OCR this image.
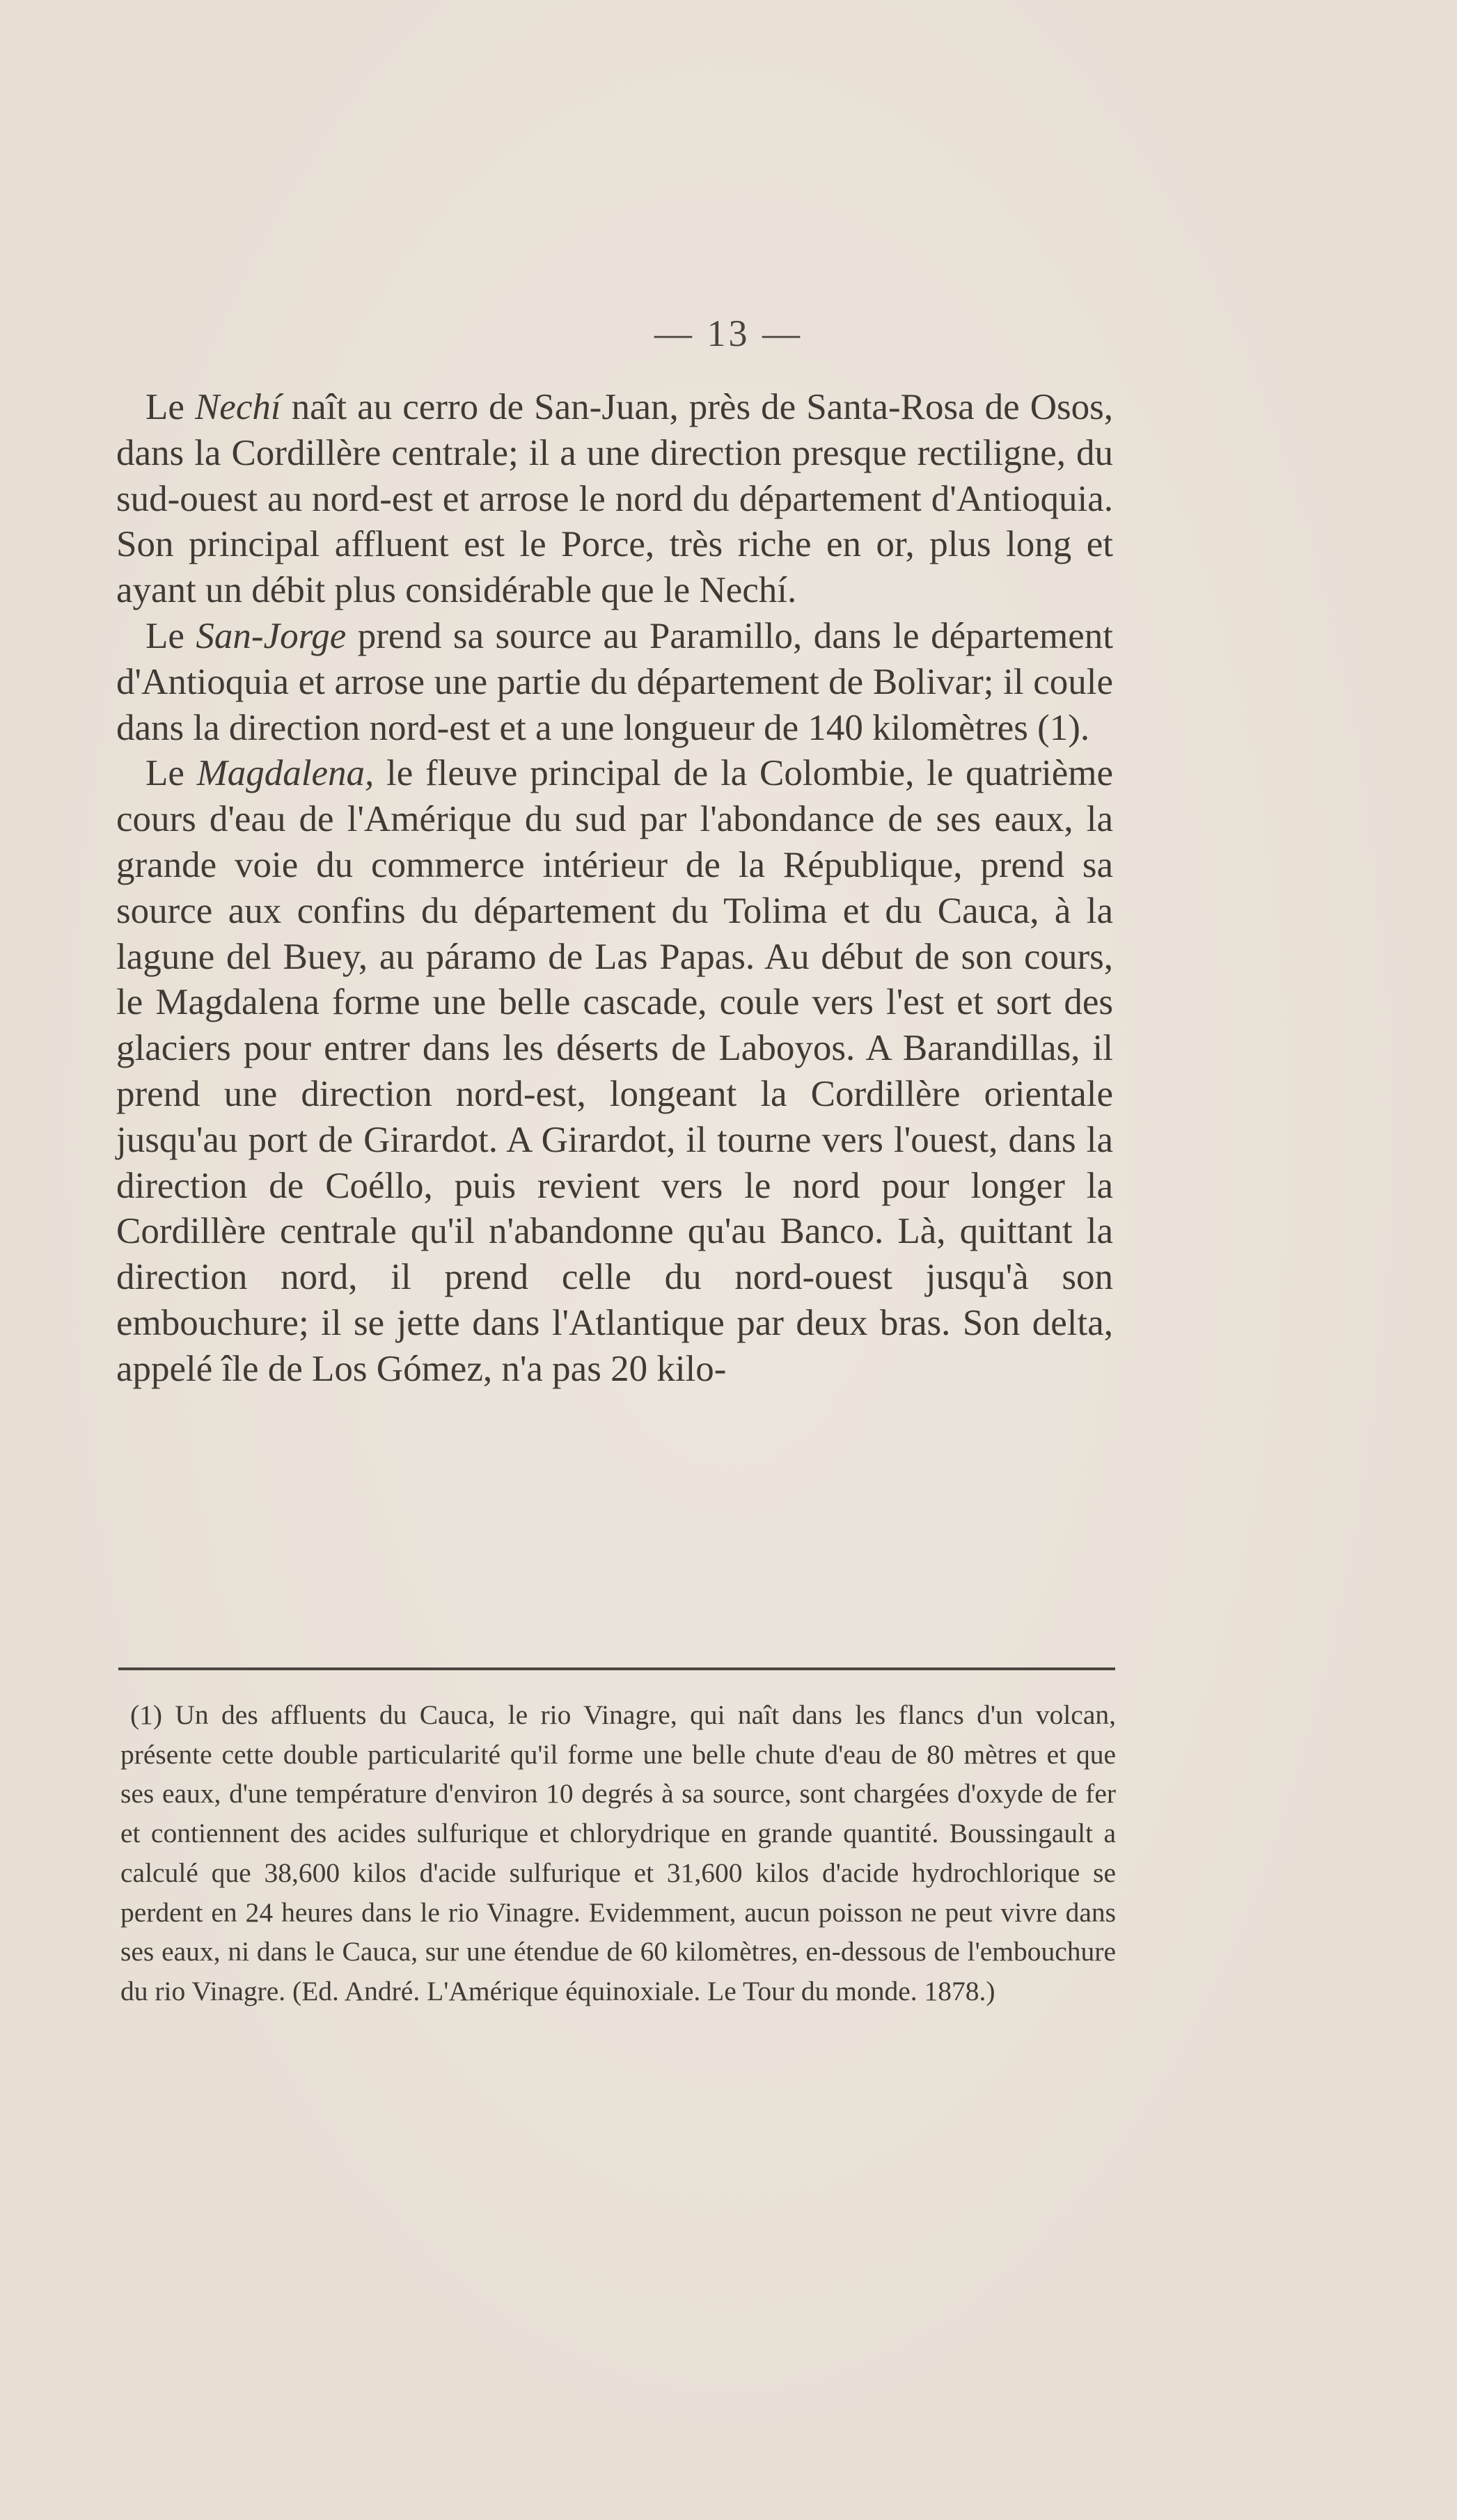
— 13 —

Le Nechí naît au cerro de San-Juan, près de Santa-Rosa de Osos, dans la Cordillère centrale; il a une direction presque rectiligne, du sud-ouest au nord-est et arrose le nord du département d'Antioquia. Son principal affluent est le Porce, très riche en or, plus long et ayant un débit plus considérable que le Nechí.

Le San-Jorge prend sa source au Paramillo, dans le département d'Antioquia et arrose une partie du département de Bolivar; il coule dans la direction nord-est et a une longueur de 140 kilomètres (1).

Le Magdalena, le fleuve principal de la Colombie, le quatrième cours d'eau de l'Amérique du sud par l'abondance de ses eaux, la grande voie du commerce intérieur de la République, prend sa source aux confins du département du Tolima et du Cauca, à la lagune del Buey, au páramo de Las Papas. Au début de son cours, le Magdalena forme une belle cascade, coule vers l'est et sort des glaciers pour entrer dans les déserts de Laboyos. A Barandillas, il prend une direction nord-est, longeant la Cordillère orientale jusqu'au port de Girardot. A Girardot, il tourne vers l'ouest, dans la direction de Coéllo, puis revient vers le nord pour longer la Cordillère centrale qu'il n'abandonne qu'au Banco. Là, quittant la direction nord, il prend celle du nord-ouest jusqu'à son embouchure; il se jette dans l'Atlantique par deux bras. Son delta, appelé île de Los Gómez, n'a pas 20 kilo-

(1) Un des affluents du Cauca, le rio Vinagre, qui naît dans les flancs d'un volcan, présente cette double particularité qu'il forme une belle chute d'eau de 80 mètres et que ses eaux, d'une température d'environ 10 degrés à sa source, sont chargées d'oxyde de fer et contiennent des acides sulfurique et chlorydrique en grande quantité. Boussingault a calculé que 38,600 kilos d'acide sulfurique et 31,600 kilos d'acide hydrochlorique se perdent en 24 heures dans le rio Vinagre. Evidemment, aucun poisson ne peut vivre dans ses eaux, ni dans le Cauca, sur une étendue de 60 kilomètres, en-dessous de l'embouchure du rio Vinagre. (Ed. André. L'Amérique équinoxiale. Le Tour du monde. 1878.)
